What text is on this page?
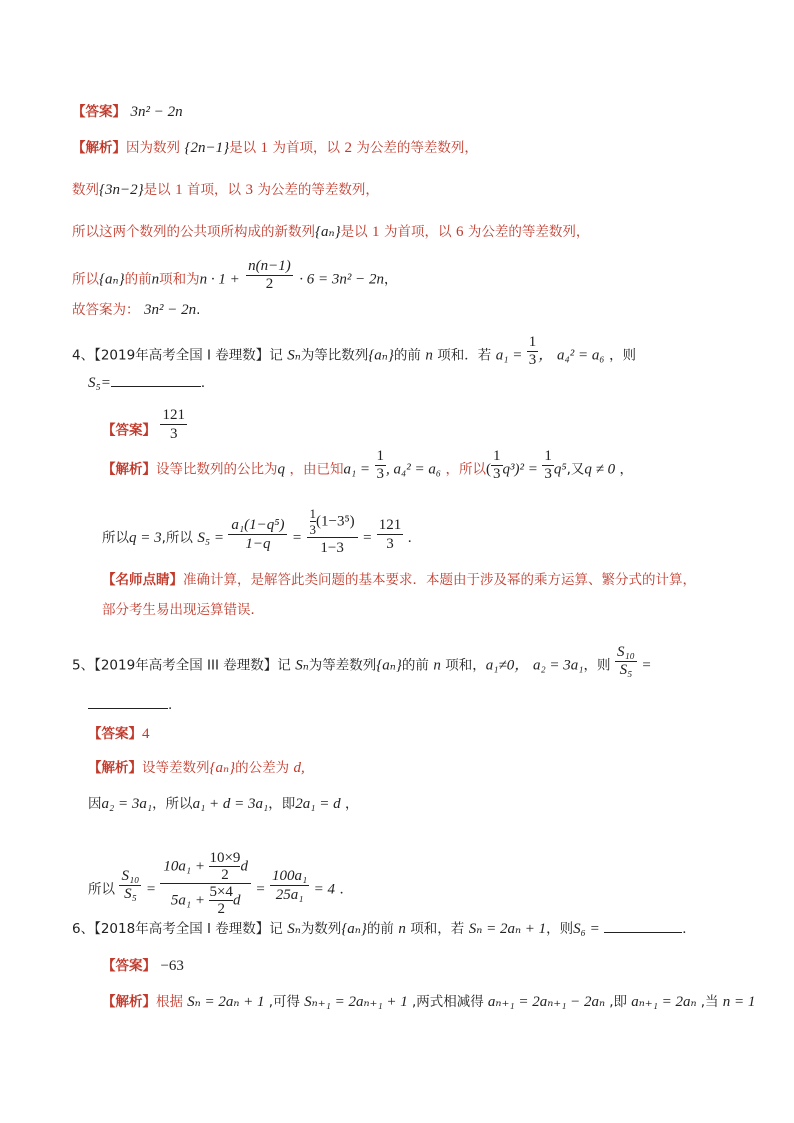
【答案】 3n² − 2n
【解析】因为数列 {2n−1}是以 1 为首项，以 2 为公差的等差数列，
数列{3n−2}是以 1 首项，以 3 为公差的等差数列，
所以这两个数列的公共项所构成的新数列{aₙ}是以 1 为首项，以 6 为公差的等差数列，
所以{aₙ}的前n项和为$n \cdot 1 + \frac{n(n-1)}{2} \cdot 6 = 3n^2 - 2n$，
故答案为： 3n² − 2n.
4、【2019年高考全国 I 卷理数】记 Sₙ为等比数列{aₙ}的前 n 项和．若 $a_1 = \frac{1}{3}$ ， a₄² = a₆ ，则
S₅=	．
【答案】 $\frac{121}{3}$
【解析】设等比数列的公比为q ，由已知$a_1 = \frac{1}{3}$ , a₄² = a₆ ，所以( $\frac{1}{3} q^3)^2 = \frac{1}{3} q^5$,又q ≠ 0 ，
所以q = 3,所以 $S_5 = \frac{\text{a₁(1−q⁵)}}{1-q} = \frac{\frac{1}{3} (1-3^5)}{1-3} = \frac{121}{3}$ ．
【名师点睛】准确计算，是解答此类问题的基本要求．本题由于涉及幂的乘方运算、繁分式的计算，
部分考生易出现运算错误．
5、【2019年高考全国 III 卷理数】记 Sₙ为等差数列{aₙ}的前 n 项和，a₁≠0， a₂ = 3a₁，则 $\frac{\text{S₁₀}}{\text{S₅}}$ =
.
【答案】4
【解析】设等差数列{aₙ}的公差为 d,
因a₂ = 3a₁，所以a₁ + d = 3a₁，即2a₁ = d ，
所以 $\frac{\text{S₁₀}}{\text{S₅}} = \frac{10a_1 + \frac{10\times 9}{2} d}{5a_1 + \frac{5\times 4}{2} d} = \frac{\text{100a₁}}{\text{25a₁}} = 4$ ．
6、【2018年高考全国 I 卷理数】记 Sₙ为数列{aₙ}的前 n 项和，若 Sₙ = 2aₙ + 1，则S₆ =	．
【答案】 −63
【解析】根据 Sₙ = 2aₙ + 1 ,可得 Sₙ₊₁ = 2aₙ₊₁ + 1 ,两式相减得 aₙ₊₁ = 2aₙ₊₁ − 2aₙ ,即 aₙ₊₁ = 2aₙ ,当 n = 1
